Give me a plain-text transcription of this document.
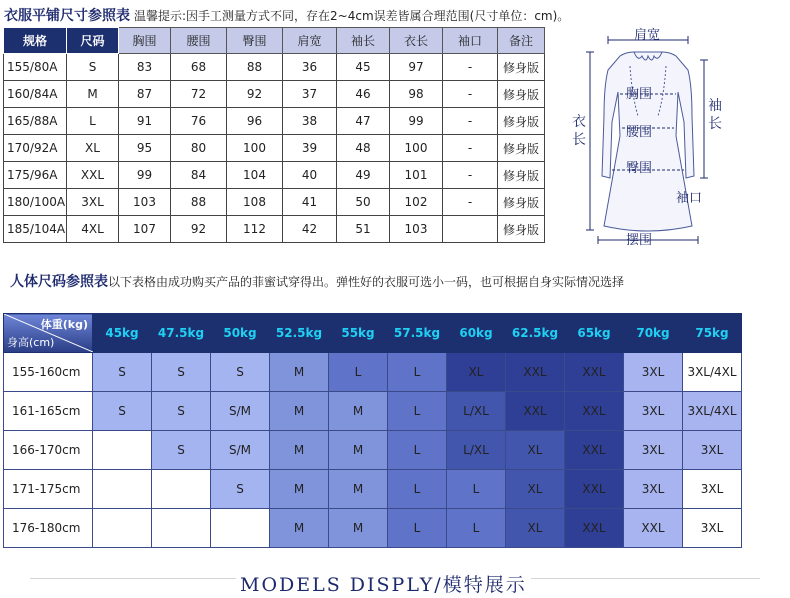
衣服平铺尺寸参照表 温馨提示:因手工测量方式不同，存在2~4cm误差皆属合理范围(尺寸单位：cm)。
规格	尺码	胸围	腰围	臀围	肩宽	袖长	衣长	袖口	备注
155/80A	S	83	68	88	36	45	97	-	修身版
160/84A	M	87	72	92	37	46	98	-	修身版
165/88A	L	91	76	96	38	47	99	-	修身版
170/92A	XL	95	80	100	39	48	100	-	修身版
175/96A	XXL	99	84	104	40	49	101	-	修身版
180/100A	3XL	103	88	108	41	50	102	-	修身版
185/104A	4XL	107	92	112	42	51	103		修身版
肩宽
胸围
腰围
臀围
摆围
袖口
衣
长
袖
长
人体尺码参照表以下表格由成功购买产品的菲蜜试穿得出。弹性好的衣服可选小一码，也可根据自身实际情况选择
体重(kg)
身高(cm)	45kg	47.5kg	50kg	52.5kg	55kg	57.5kg	60kg	62.5kg	65kg	70kg	75kg
155-160cm	S	S	S	M	L	L	XL	XXL	XXL	3XL	3XL/4XL
161-165cm	S	S	S/M	M	M	L	L/XL	XXL	XXL	3XL	3XL/4XL
166-170cm		S	S/M	M	M	L	L/XL	XL	XXL	3XL	3XL
171-175cm			S	M	M	L	L	XL	XXL	3XL	3XL
176-180cm				M	M	L	L	XL	XXL	XXL	3XL
MODELS DISPLY/模特展示
